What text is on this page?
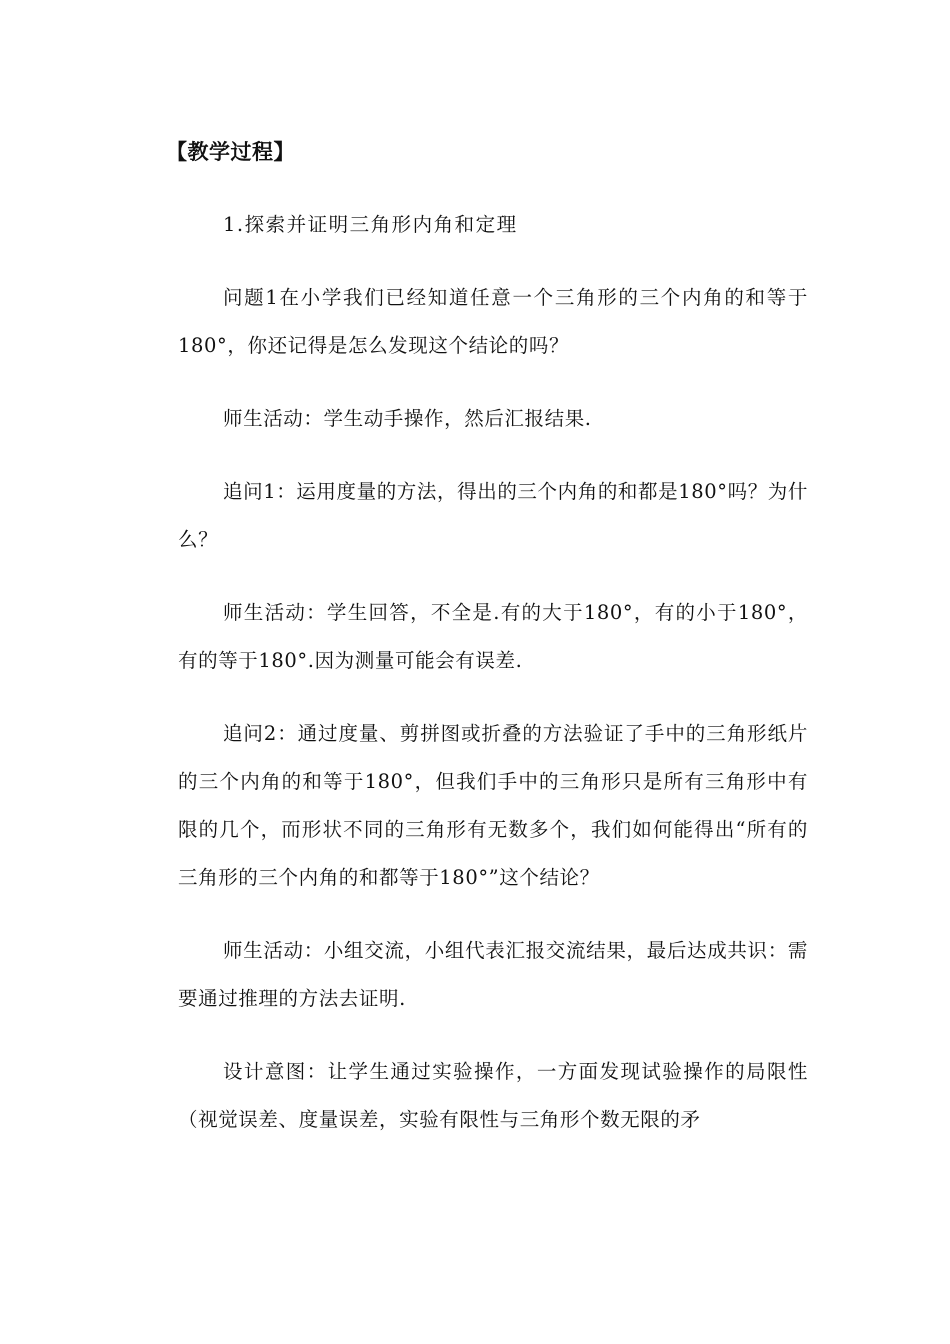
【教学过程】
1.探索并证明三角形内角和定理

问题1在小学我们已经知道任意一个三角形的三个内角的和等于180°，你还记得是怎么发现这个结论的吗？

师生活动：学生动手操作，然后汇报结果.

追问1：运用度量的方法，得出的三个内角的和都是180°吗？为什么？

师生活动：学生回答，不全是.有的大于180°，有的小于180°，有的等于180°.因为测量可能会有误差.

追问2：通过度量、剪拼图或折叠的方法验证了手中的三角形纸片的三个内角的和等于180°，但我们手中的三角形只是所有三角形中有限的几个，而形状不同的三角形有无数多个，我们如何能得出“所有的三角形的三个内角的和都等于180°”这个结论？

师生活动：小组交流，小组代表汇报交流结果，最后达成共识：需要通过推理的方法去证明.

设计意图：让学生通过实验操作，一方面发现试验操作的局限性（视觉误差、度量误差，实验有限性与三角形个数无限的矛
